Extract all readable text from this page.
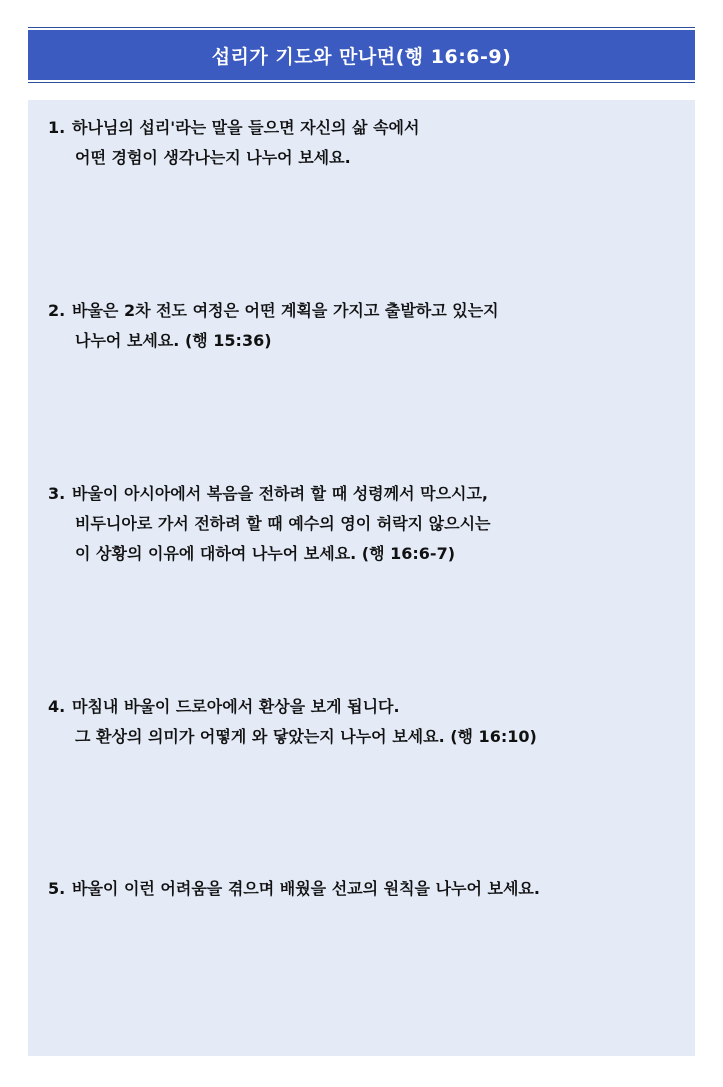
섭리가 기도와 만나면(행 16:6-9)
1. 하나님의 섭리'라는 말을 들으면 자신의 삶 속에서
어떤 경험이 생각나는지 나누어 보세요.
2. 바울은 2차 전도 여정은 어떤 계획을 가지고 출발하고 있는지
나누어 보세요. (행 15:36)
3. 바울이 아시아에서 복음을 전하려 할 때 성령께서 막으시고,
비두니아로 가서 전하려 할 때 예수의 영이 허락지 않으시는
이 상황의 이유에 대하여 나누어 보세요. (행 16:6-7)
4. 마침내 바울이 드로아에서 환상을 보게 됩니다.
그 환상의 의미가 어떻게 와 닿았는지 나누어 보세요. (행 16:10)
5. 바울이 이런 어려움을 겪으며 배웠을 선교의 원칙을 나누어 보세요.
